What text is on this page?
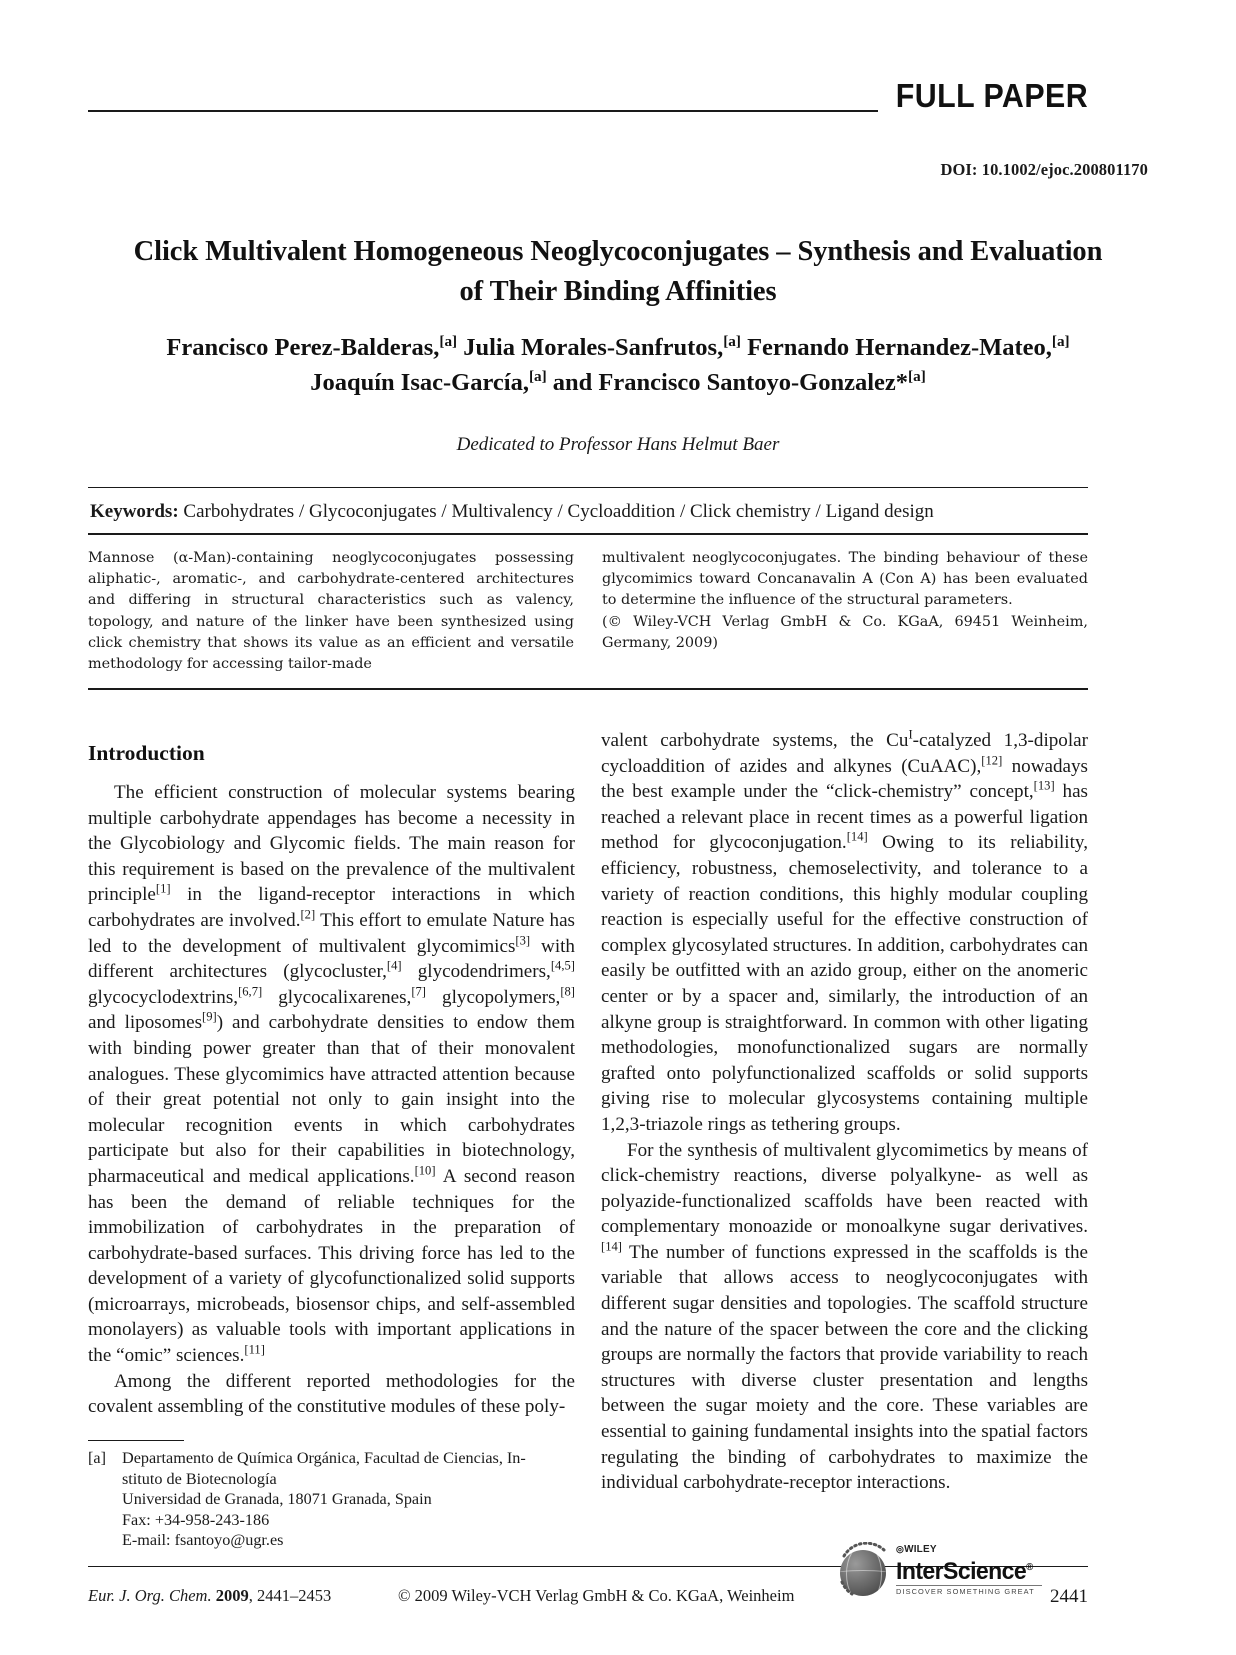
FULL PAPER
DOI: 10.1002/ejoc.200801170
Click Multivalent Homogeneous Neoglycoconjugates – Synthesis and Evaluation of Their Binding Affinities
Francisco Perez-Balderas,[a] Julia Morales-Sanfrutos,[a] Fernando Hernandez-Mateo,[a]
Joaquín Isac-García,[a] and Francisco Santoyo-Gonzalez*[a]
Dedicated to Professor Hans Helmut Baer
Keywords: Carbohydrates / Glycoconjugates / Multivalency / Cycloaddition / Click chemistry / Ligand design

Mannose (α-Man)-containing neoglycoconjugates possessing aliphatic-, aromatic-, and carbohydrate-centered architectures and differing in structural characteristics such as valency, topology, and nature of the linker have been synthesized using click chemistry that shows its value as an efficient and versatile methodology for accessing tailor-made

multivalent neoglycoconjugates. The binding behaviour of these glycomimics toward Concanavalin A (Con A) has been evaluated to determine the influence of the structural parameters.

(© Wiley-VCH Verlag GmbH & Co. KGaA, 69451 Weinheim, Germany, 2009)

Introduction

The efficient construction of molecular systems bearing multiple carbohydrate appendages has become a necessity in the Glycobiology and Glycomic fields. The main reason for this requirement is based on the prevalence of the multivalent principle[1] in the ligand-receptor interactions in which carbohydrates are involved.[2] This effort to emulate Nature has led to the development of multivalent glycomimics[3] with different architectures (glycocluster,[4] glycodendrimers,[4,5] glycocyclodextrins,[6,7] glycocalixarenes,[7] glycopolymers,[8] and liposomes[9]) and carbohydrate densities to endow them with binding power greater than that of their monovalent analogues. These glycomimics have attracted attention because of their great potential not only to gain insight into the molecular recognition events in which carbohydrates participate but also for their capabilities in biotechnology, pharmaceutical and medical applications.[10] A second reason has been the demand of reliable techniques for the immobilization of carbohydrates in the preparation of carbohydrate-based surfaces. This driving force has led to the development of a variety of glycofunctionalized solid supports (microarrays, microbeads, biosensor chips, and self-assembled monolayers) as valuable tools with important applications in the “omic” sciences.[11]

Among the different reported methodologies for the covalent assembling of the constitutive modules of these poly-

valent carbohydrate systems, the $Cu^I$-catalyzed 1,3-dipolar cycloaddition of azides and alkynes (CuAAC),[12] nowadays the best example under the “click-chemistry” concept,[13] has reached a relevant place in recent times as a powerful ligation method for glycoconjugation.[14] Owing to its reliability, efficiency, robustness, chemoselectivity, and tolerance to a variety of reaction conditions, this highly modular coupling reaction is especially useful for the effective construction of complex glycosylated structures. In addition, carbohydrates can easily be outfitted with an azido group, either on the anomeric center or by a spacer and, similarly, the introduction of an alkyne group is straightforward. In common with other ligating methodologies, monofunctionalized sugars are normally grafted onto polyfunctionalized scaffolds or solid supports giving rise to molecular glycosystems containing multiple 1,2,3-triazole rings as tethering groups.

For the synthesis of multivalent glycomimetics by means of click-chemistry reactions, diverse polyalkyne- as well as polyazide-functionalized scaffolds have been reacted with complementary monoazide or monoalkyne sugar derivatives.[14] The number of functions expressed in the scaffolds is the variable that allows access to neoglycoconjugates with different sugar densities and topologies. The scaffold structure and the nature of the spacer between the core and the clicking groups are normally the factors that provide variability to reach structures with diverse cluster presentation and lengths between the sugar moiety and the core. These variables are essential to gaining fundamental insights into the spatial factors regulating the binding of carbohydrates to maximize the individual carbohydrate-receptor interactions.

[a] Departamento de Química Orgánica, Facultad de Ciencias, In-
stituto de Biotecnología
Universidad de Granada, 18071 Granada, Spain
Fax: +34-958-243-186
E-mail: fsantoyo@ugr.es
Eur. J. Org. Chem. 2009, 2441–2453	© 2009 Wiley-VCH Verlag GmbH & Co. KGaA, Weinheim
◎WILEY
InterScience®
DISCOVER SOMETHING GREAT 2441
